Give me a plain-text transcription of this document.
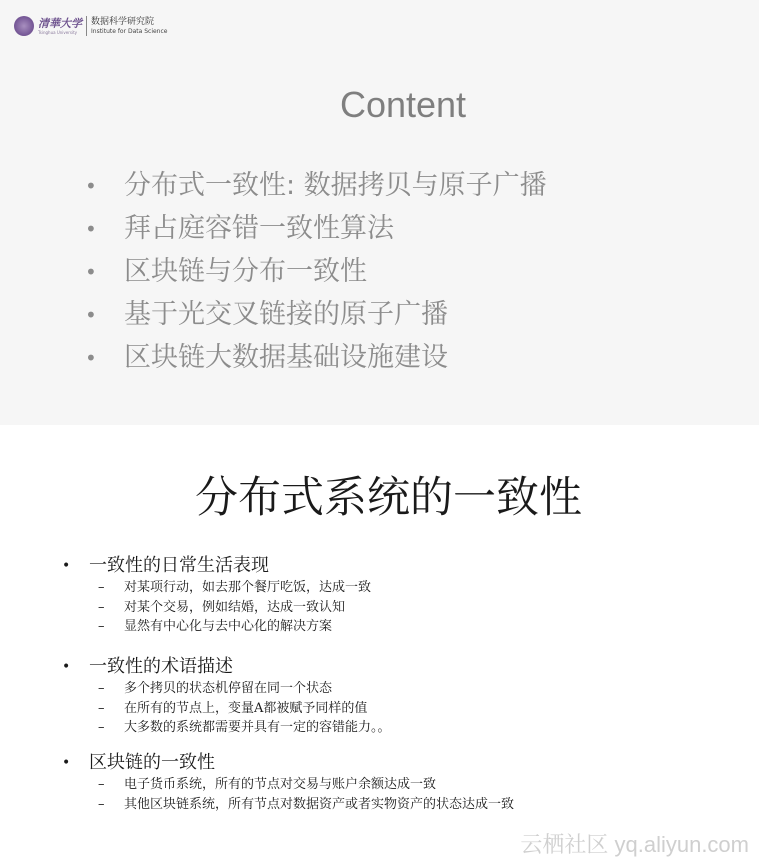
清華大学
Tsinghua University
数据科学研究院
Institute for Data Science
Content
• 分布式一致性: 数据拷贝与原子广播
• 拜占庭容错一致性算法
• 区块链与分布一致性
• 基于光交叉链接的原子广播
• 区块链大数据基础设施建设
分布式系统的一致性
• 一致性的日常生活表现
– 对某项行动，如去那个餐厅吃饭，达成一致
– 对某个交易，例如结婚，达成一致认知
– 显然有中心化与去中心化的解决方案
• 一致性的术语描述
– 多个拷贝的状态机停留在同一个状态
– 在所有的节点上，变量A都被赋予同样的值
– 大多数的系统都需要并具有一定的容错能力。。
• 区块链的一致性
– 电子货币系统，所有的节点对交易与账户余额达成一致
– 其他区块链系统，所有节点对数据资产或者实物资产的状态达成一致
云栖社区 yq.aliyun.com
